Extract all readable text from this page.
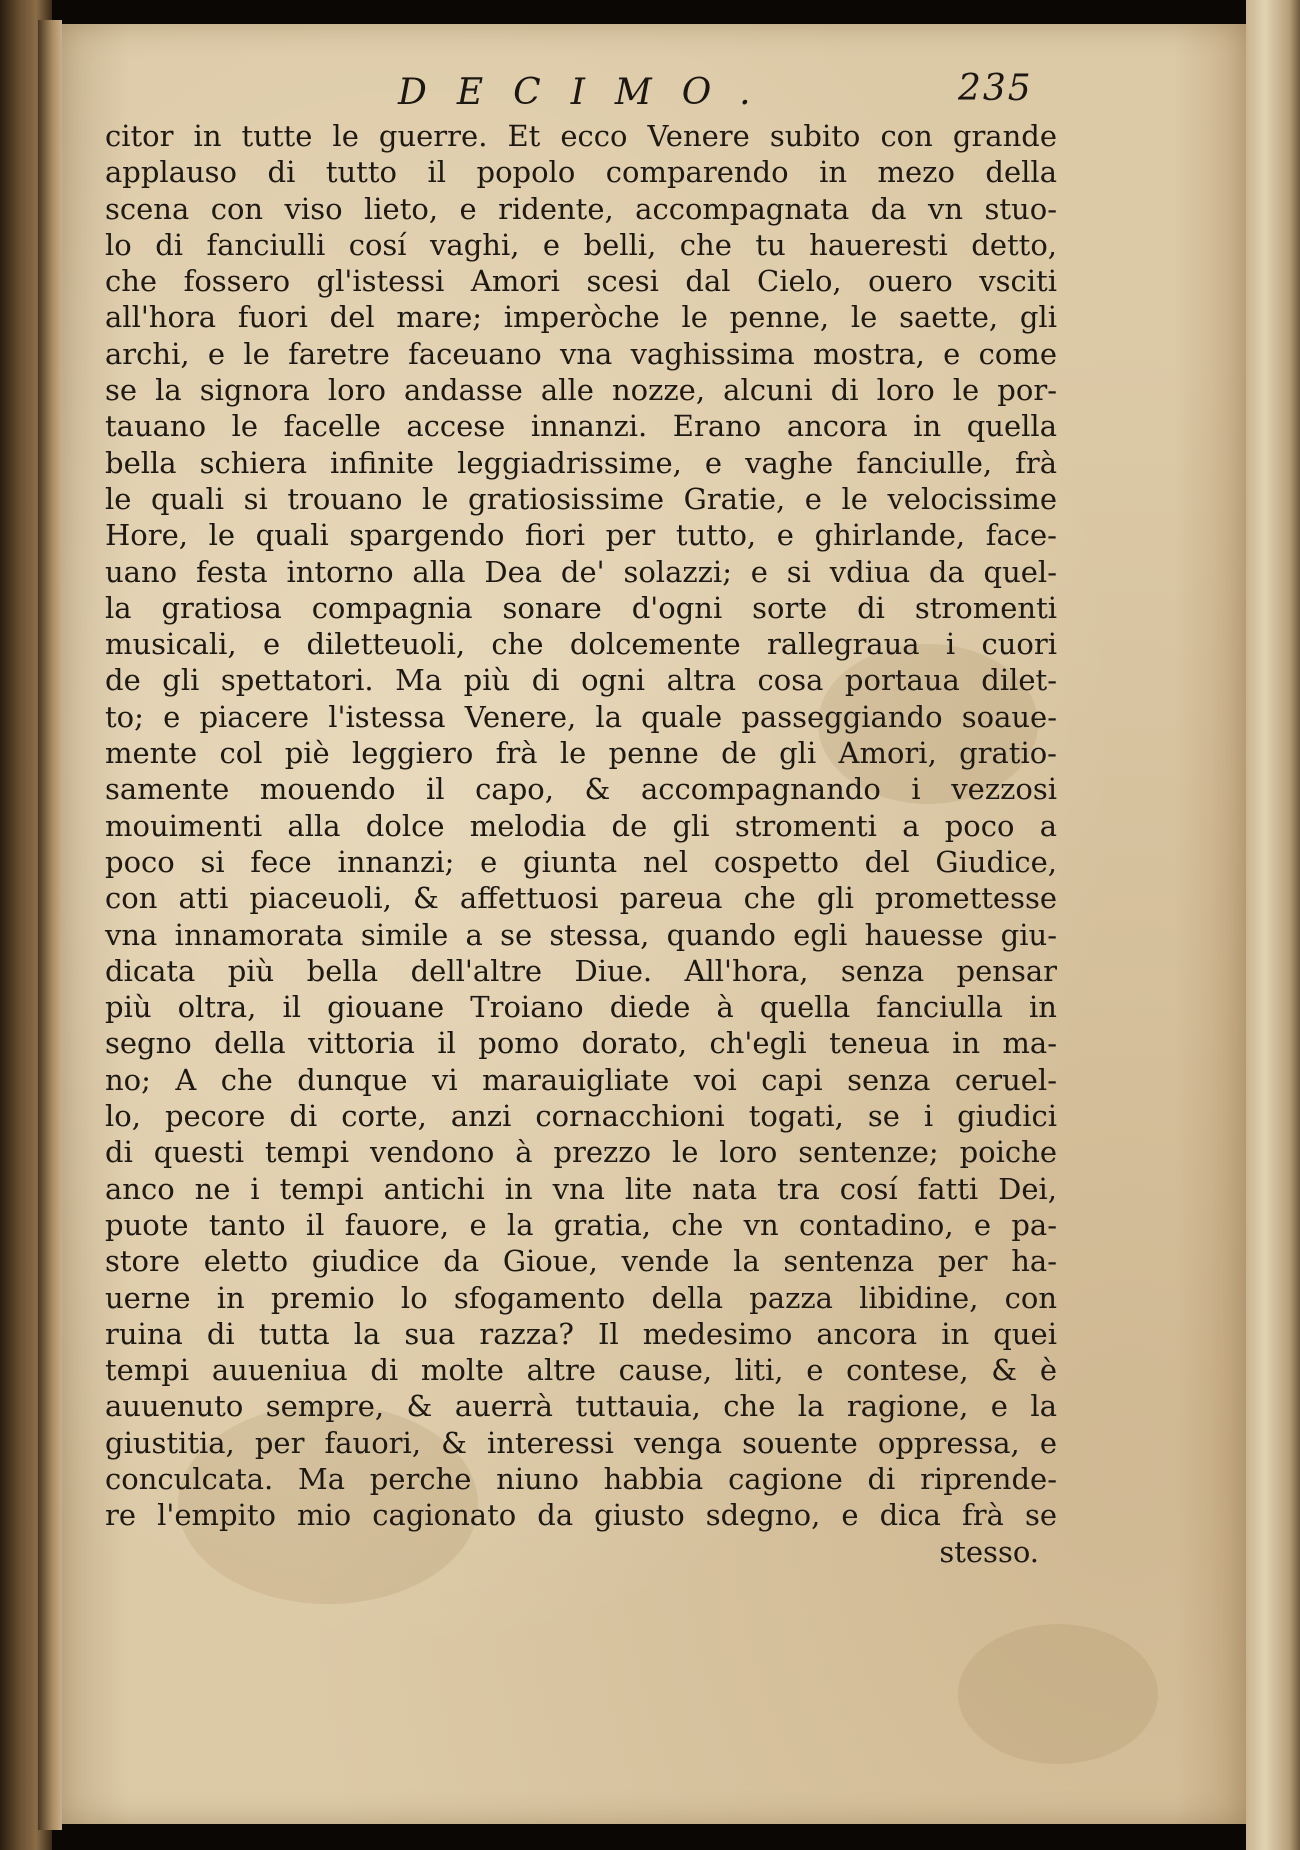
DECIMO.	235
citor in tutte le guerre. Et ecco Venere subito con grande
applauso di tutto il popolo comparendo in mezo della
scena con viso lieto, e ridente, accompagnata da vn stuo-
lo di fanciulli cosí vaghi, e belli, che tu haueresti detto,
che fossero gl'istessi Amori scesi dal Cielo, ouero vsciti
all'hora fuori del mare; imperòche le penne, le saette, gli
archi, e le faretre faceuano vna vaghissima mostra, e come
se la signora loro andasse alle nozze, alcuni di loro le por-
tauano le facelle accese innanzi. Erano ancora in quella
bella schiera infinite leggiadrissime, e vaghe fanciulle, frà
le quali si trouano le gratiosissime Gratie, e le velocissime
Hore, le quali spargendo fiori per tutto, e ghirlande, face-
uano festa intorno alla Dea de' solazzi; e si vdiua da quel-
la gratiosa compagnia sonare d'ogni sorte di stromenti
musicali, e diletteuoli, che dolcemente rallegraua i cuori
de gli spettatori. Ma più di ogni altra cosa portaua dilet-
to; e piacere l'istessa Venere, la quale passeggiando soaue-
mente col piè leggiero frà le penne de gli Amori, gratio-
samente mouendo il capo, & accompagnando i vezzosi
mouimenti alla dolce melodia de gli stromenti a poco a
poco si fece innanzi; e giunta nel cospetto del Giudice,
con atti piaceuoli, & affettuosi pareua che gli promettesse
vna innamorata simile a se stessa, quando egli hauesse giu-
dicata più bella dell'altre Diue. All'hora, senza pensar
più oltra, il giouane Troiano diede à quella fanciulla in
segno della vittoria il pomo dorato, ch'egli teneua in ma-
no; A che dunque vi marauigliate voi capi senza ceruel-
lo, pecore di corte, anzi cornacchioni togati, se i giudici
di questi tempi vendono à prezzo le loro sentenze; poiche
anco ne i tempi antichi in vna lite nata tra cosí fatti Dei,
puote tanto il fauore, e la gratia, che vn contadino, e pa-
store eletto giudice da Gioue, vende la sentenza per ha-
uerne in premio lo sfogamento della pazza libidine, con
ruina di tutta la sua razza? Il medesimo ancora in quei
tempi auueniua di molte altre cause, liti, e contese, & è
auuenuto sempre, & auerrà tuttauia, che la ragione, e la
giustitia, per fauori, & interessi venga souente oppressa, e
conculcata. Ma perche niuno habbia cagione di riprende-
re l'empito mio cagionato da giusto sdegno, e dica frà se
stesso.
